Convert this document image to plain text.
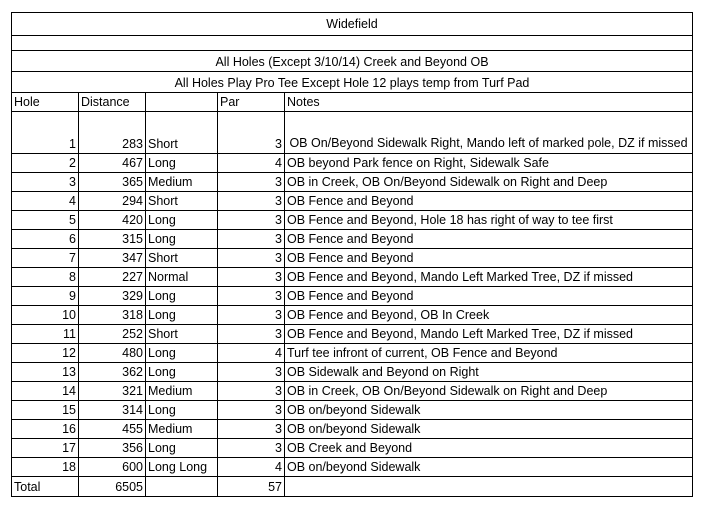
Widefield				

All Holes (Except 3/10/14) Creek and Beyond OB				
All Holes Play Pro Tee Except Hole 12 plays temp from Turf Pad				
Hole	Distance		Par	Notes
1	283	Short	3	OB On/Beyond Sidewalk Right, Mando left of marked pole, DZ if missed
2	467	Long	4	OB beyond Park fence on Right, Sidewalk Safe
3	365	Medium	3	OB in Creek, OB On/Beyond Sidewalk on Right and Deep
4	294	Short	3	OB Fence and Beyond
5	420	Long	3	OB Fence and Beyond, Hole 18 has right of way to tee first
6	315	Long	3	OB Fence and Beyond
7	347	Short	3	OB Fence and Beyond
8	227	Normal	3	OB Fence and Beyond, Mando Left Marked Tree, DZ if missed
9	329	Long	3	OB Fence and Beyond
10	318	Long	3	OB Fence and Beyond, OB In Creek
11	252	Short	3	OB Fence and Beyond, Mando Left Marked Tree, DZ if missed
12	480	Long	4	Turf tee infront of current, OB Fence and Beyond
13	362	Long	3	OB Sidewalk and Beyond on Right
14	321	Medium	3	OB in Creek, OB On/Beyond Sidewalk on Right and Deep
15	314	Long	3	OB on/beyond Sidewalk
16	455	Medium	3	OB on/beyond Sidewalk
17	356	Long	3	OB Creek and Beyond
18	600	Long Long	4	OB on/beyond Sidewalk
Total	6505		57	
